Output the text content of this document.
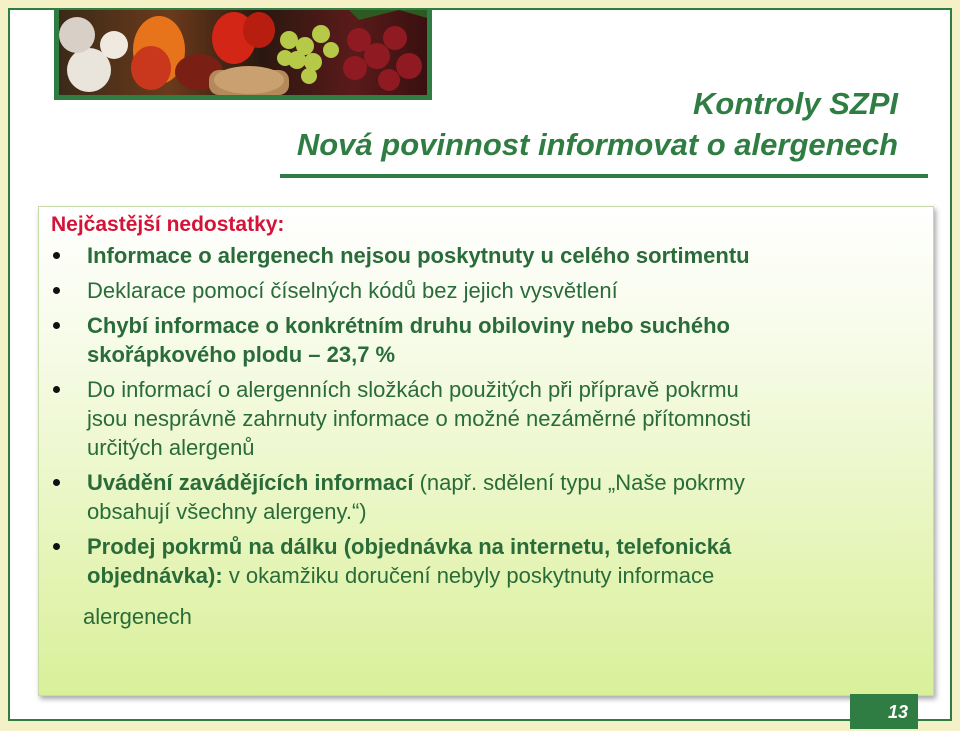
Kontroly SZPI
Nová povinnost informovat o alergenech
Nejčastější nedostatky:
Informace o alergenech nejsou poskytnuty u celého sortimentu
Deklarace pomocí číselných kódů bez jejich vysvětlení
Chybí informace o konkrétním druhu obiloviny nebo suchého
skořápkového plodu – 23,7 %
Do informací o alergenních složkách použitých při přípravě pokrmu
jsou nesprávně zahrnuty informace o možné nezáměrné přítomnosti
určitých alergenů
Uvádění zavádějících informací (např. sdělení typu „Naše pokrmy
obsahují všechny alergeny.“)
Prodej pokrmů na dálku (objednávka na internetu, telefonická
objednávka): v okamžiku doručení nebyly poskytnuty informace
alergenech
13
